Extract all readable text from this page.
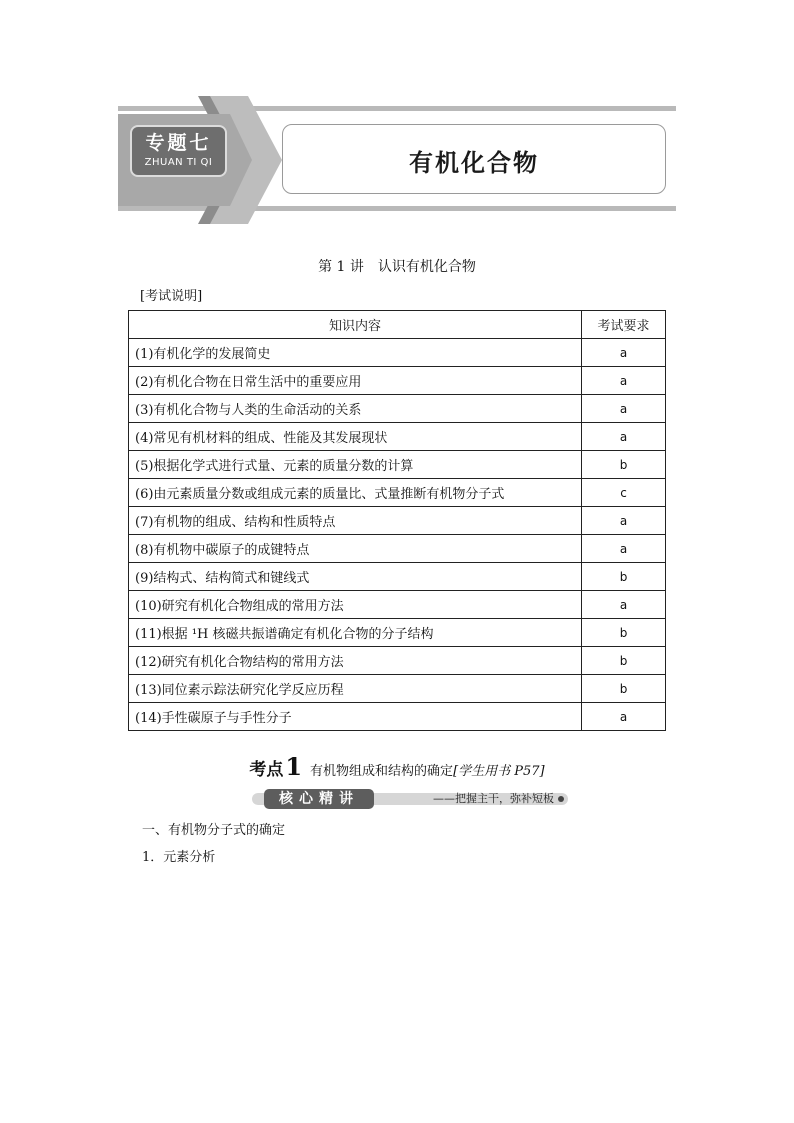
专题七
ZHUAN TI QI	有机化合物
第 1 讲 认识有机化合物
[考试说明]
知识内容	考试要求
(1)有机化学的发展简史	a
(2)有机化合物在日常生活中的重要应用	a
(3)有机化合物与人类的生命活动的关系	a
(4)常见有机材料的组成、性能及其发展现状	a
(5)根据化学式进行式量、元素的质量分数的计算	b
(6)由元素质量分数或组成元素的质量比、式量推断有机物分子式	c
(7)有机物的组成、结构和性质特点	a
(8)有机物中碳原子的成键特点	a
(9)结构式、结构简式和键线式	b
(10)研究有机化合物组成的常用方法	a
(11)根据 ¹H 核磁共振谱确定有机化合物的分子结构	b
(12)研究有机化合物结构的常用方法	b
(13)同位素示踪法研究化学反应历程	b
(14)手性碳原子与手性分子	a
考点1 有机物组成和结构的确定[学生用书 P57]
核心精讲	——把握主干，弥补短板
一、有机物分子式的确定
1．元素分析
